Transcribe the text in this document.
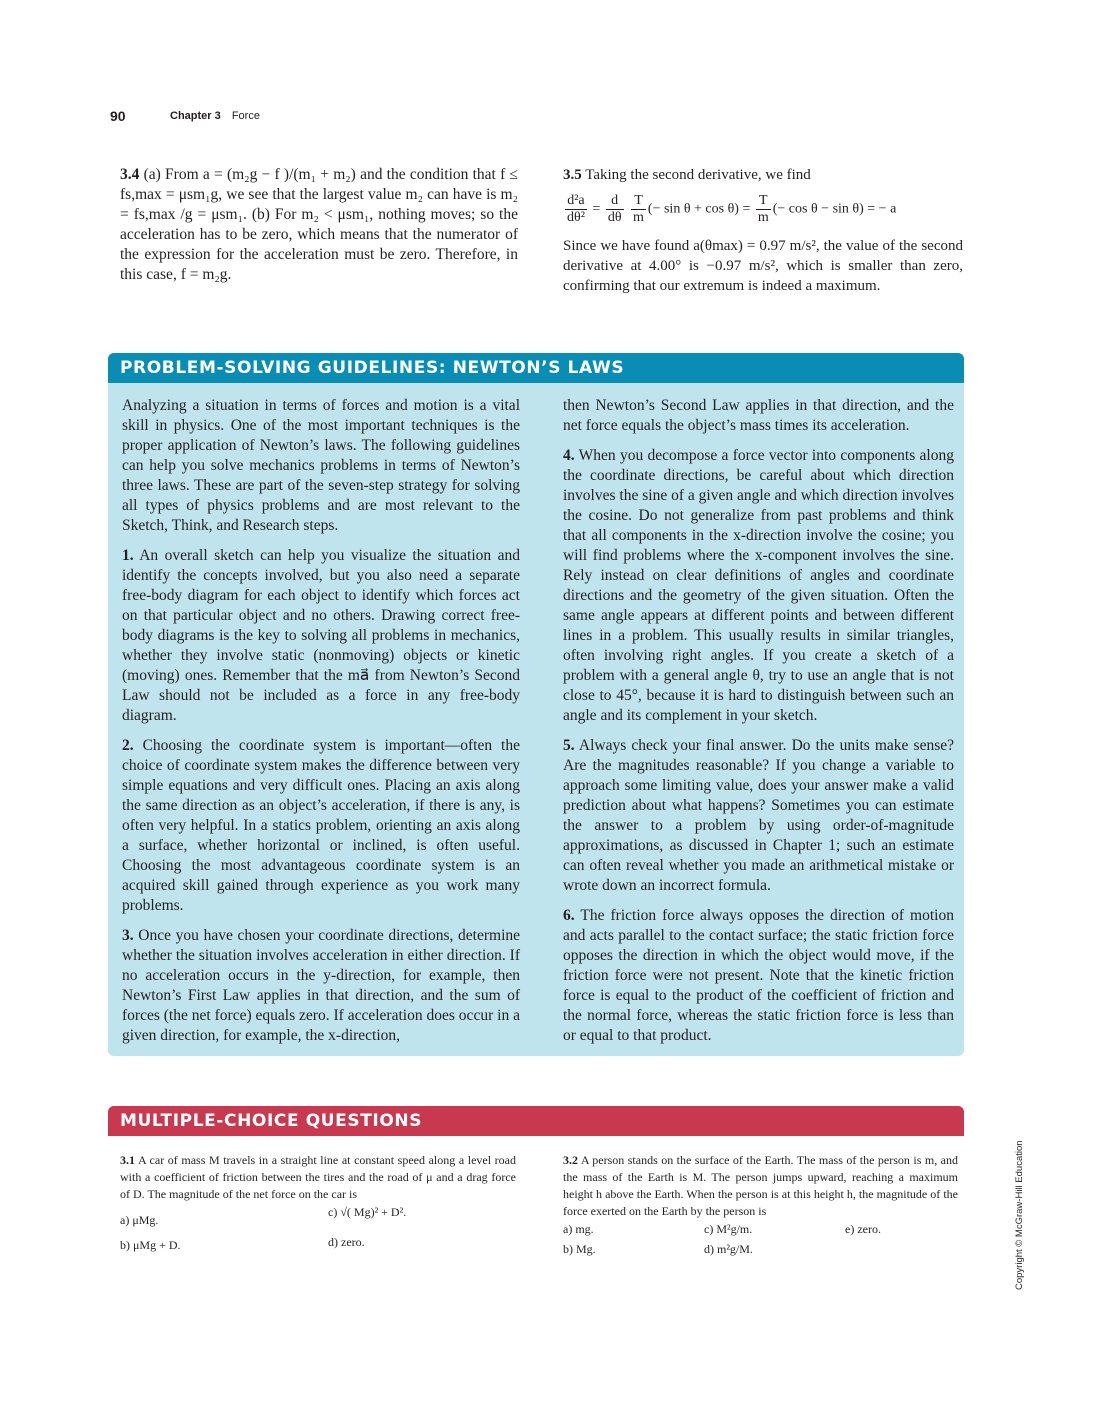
90	Chapter 3 Force

3.4 (a) From a = (m₂g − f )/(m₁ + m₂) and the condition that f ≤ fs,max = μsm₁g, we see that the largest value m₂ can have is m₂ = fs,max /g = μsm₁. (b) For m₂ < μsm₁, nothing moves; so the acceleration has to be zero, which means that the numerator of the expression for the acceleration must be zero. Therefore, in this case, f = m₂g.

3.5 Taking the second derivative, we find

$\frac{\text{d²a}}{\text{dθ²}} = \frac{d}{d\theta}$
$\frac{T}{m}$ (− $\sin \theta + \cos \theta) = \frac{T}{m}$ (− cos θ − sin θ) = − a

Since we have found a(θmax) = 0.97 m/s², the value of the second derivative at 4.00° is −0.97 m/s², which is smaller than zero, confirming that our extremum is indeed a maximum.

PROBLEM-SOLVING GUIDELINES: NEWTON’S LAWS

Analyzing a situation in terms of forces and motion is a vital skill in physics. One of the most important techniques is the proper application of Newton’s laws. The following guidelines can help you solve mechanics problems in terms of Newton’s three laws. These are part of the seven-step strategy for solving all types of physics problems and are most relevant to the Sketch, Think, and Research steps.

1. An overall sketch can help you visualize the situation and identify the concepts involved, but you also need a separate free-body diagram for each object to identify which forces act on that particular object and no others. Drawing correct free-body diagrams is the key to solving all problems in mechanics, whether they involve static (nonmoving) objects or kinetic (moving) ones. Remember that the ma⃗ from Newton’s Second Law should not be included as a force in any free-body diagram.

2. Choosing the coordinate system is important—often the choice of coordinate system makes the difference between very simple equations and very difficult ones. Placing an axis along the same direction as an object’s acceleration, if there is any, is often very helpful. In a statics problem, orienting an axis along a surface, whether horizontal or inclined, is often useful. Choosing the most advantageous coordinate system is an acquired skill gained through experience as you work many problems.

3. Once you have chosen your coordinate directions, determine whether the situation involves acceleration in either direction. If no acceleration occurs in the y-direction, for example, then Newton’s First Law applies in that direction, and the sum of forces (the net force) equals zero. If acceleration does occur in a given direction, for example, the x-direction,

then Newton’s Second Law applies in that direction, and the net force equals the object’s mass times its acceleration.

4. When you decompose a force vector into components along the coordinate directions, be careful about which direction involves the sine of a given angle and which direction involves the cosine. Do not generalize from past problems and think that all components in the x-direction involve the cosine; you will find problems where the x-component involves the sine. Rely instead on clear definitions of angles and coordinate directions and the geometry of the given situation. Often the same angle appears at different points and between different lines in a problem. This usually results in similar triangles, often involving right angles. If you create a sketch of a problem with a general angle θ, try to use an angle that is not close to 45°, because it is hard to distinguish between such an angle and its complement in your sketch.

5. Always check your final answer. Do the units make sense? Are the magnitudes reasonable? If you change a variable to approach some limiting value, does your answer make a valid prediction about what happens? Sometimes you can estimate the answer to a problem by using order-of-magnitude approximations, as discussed in Chapter 1; such an estimate can often reveal whether you made an arithmetical mistake or wrote down an incorrect formula.

6. The friction force always opposes the direction of motion and acts parallel to the contact surface; the static friction force opposes the direction in which the object would move, if the friction force were not present. Note that the kinetic friction force is equal to the product of the coefficient of friction and the normal force, whereas the static friction force is less than or equal to that product.

MULTIPLE-CHOICE QUESTIONS

3.1 A car of mass M travels in a straight line at constant speed along a level road with a coefficient of friction between the tires and the road of μ and a drag force of D. The magnitude of the net force on the car is

a) μMg.
b) μMg + D.
c) √( Mg)² + D².
d) zero.

3.2 A person stands on the surface of the Earth. The mass of the person is m, and the mass of the Earth is M. The person jumps upward, reaching a maximum height h above the Earth. When the person is at this height h, the magnitude of the force exerted on the Earth by the person is

a) mg.
b) Mg.
c) M²g/m.
d) m²g/M.
e) zero.	Copyright © McGraw-Hill Education
